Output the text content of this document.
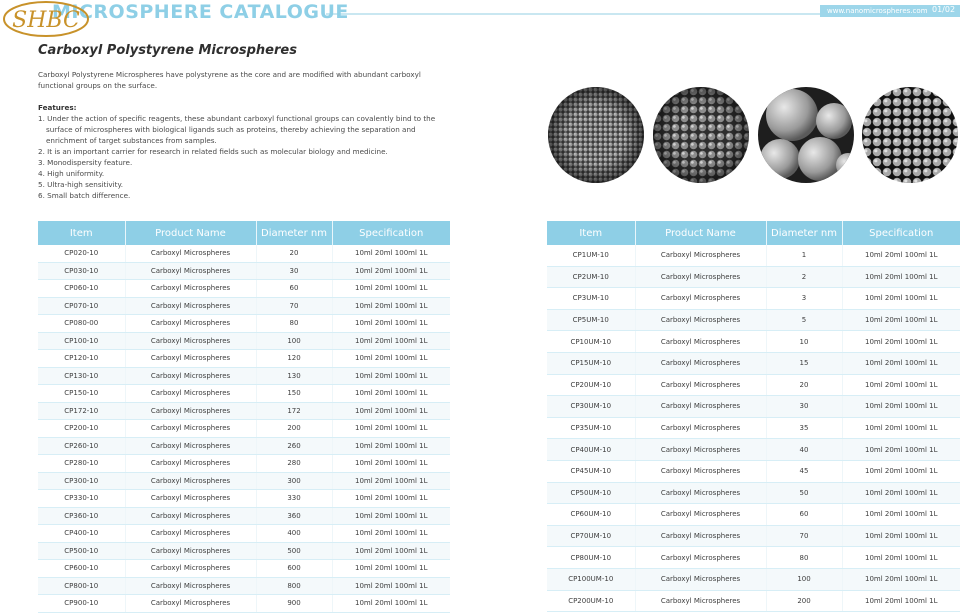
www.nanomicrospheres.com 01/02
MICROSPHERE CATALOGUE
SHBC
Carboxyl Polystyrene Microspheres
Carboxyl Polystyrene Microspheres have polystyrene as the core and are modified with abundant carboxyl functional groups on the surface.
Features:
1. Under the action of specific reagents, these abundant carboxyl functional groups can covalently bind to the surface of microspheres with biological ligands such as proteins, thereby achieving the separation and enrichment of target substances from samples.
2. It is an important carrier for research in related fields such as molecular biology and medicine.
3. Monodispersity feature.
4. High uniformity.
5. Ultra-high sensitivity.
6. Small batch difference.
Item	Product Name	Diameter nm	Specification
CP020-10	Carboxyl Microspheres	20	10ml 20ml 100ml 1L
CP030-10	Carboxyl Microspheres	30	10ml 20ml 100ml 1L
CP060-10	Carboxyl Microspheres	60	10ml 20ml 100ml 1L
CP070-10	Carboxyl Microspheres	70	10ml 20ml 100ml 1L
CP080-00	Carboxyl Microspheres	80	10ml 20ml 100ml 1L
CP100-10	Carboxyl Microspheres	100	10ml 20ml 100ml 1L
CP120-10	Carboxyl Microspheres	120	10ml 20ml 100ml 1L
CP130-10	Carboxyl Microspheres	130	10ml 20ml 100ml 1L
CP150-10	Carboxyl Microspheres	150	10ml 20ml 100ml 1L
CP172-10	Carboxyl Microspheres	172	10ml 20ml 100ml 1L
CP200-10	Carboxyl Microspheres	200	10ml 20ml 100ml 1L
CP260-10	Carboxyl Microspheres	260	10ml 20ml 100ml 1L
CP280-10	Carboxyl Microspheres	280	10ml 20ml 100ml 1L
CP300-10	Carboxyl Microspheres	300	10ml 20ml 100ml 1L
CP330-10	Carboxyl Microspheres	330	10ml 20ml 100ml 1L
CP360-10	Carboxyl Microspheres	360	10ml 20ml 100ml 1L
CP400-10	Carboxyl Microspheres	400	10ml 20ml 100ml 1L
CP500-10	Carboxyl Microspheres	500	10ml 20ml 100ml 1L
CP600-10	Carboxyl Microspheres	600	10ml 20ml 100ml 1L
CP800-10	Carboxyl Microspheres	800	10ml 20ml 100ml 1L
CP900-10	Carboxyl Microspheres	900	10ml 20ml 100ml 1L
Item	Product Name	Diameter nm	Specification
CP1UM-10	Carboxyl Microspheres	1	10ml 20ml 100ml 1L
CP2UM-10	Carboxyl Microspheres	2	10ml 20ml 100ml 1L
CP3UM-10	Carboxyl Microspheres	3	10ml 20ml 100ml 1L
CP5UM-10	Carboxyl Microspheres	5	10ml 20ml 100ml 1L
CP10UM-10	Carboxyl Microspheres	10	10ml 20ml 100ml 1L
CP15UM-10	Carboxyl Microspheres	15	10ml 20ml 100ml 1L
CP20UM-10	Carboxyl Microspheres	20	10ml 20ml 100ml 1L
CP30UM-10	Carboxyl Microspheres	30	10ml 20ml 100ml 1L
CP35UM-10	Carboxyl Microspheres	35	10ml 20ml 100ml 1L
CP40UM-10	Carboxyl Microspheres	40	10ml 20ml 100ml 1L
CP45UM-10	Carboxyl Microspheres	45	10ml 20ml 100ml 1L
CP50UM-10	Carboxyl Microspheres	50	10ml 20ml 100ml 1L
CP60UM-10	Carboxyl Microspheres	60	10ml 20ml 100ml 1L
CP70UM-10	Carboxyl Microspheres	70	10ml 20ml 100ml 1L
CP80UM-10	Carboxyl Microspheres	80	10ml 20ml 100ml 1L
CP100UM-10	Carboxyl Microspheres	100	10ml 20ml 100ml 1L
CP200UM-10	Carboxyl Microspheres	200	10ml 20ml 100ml 1L
